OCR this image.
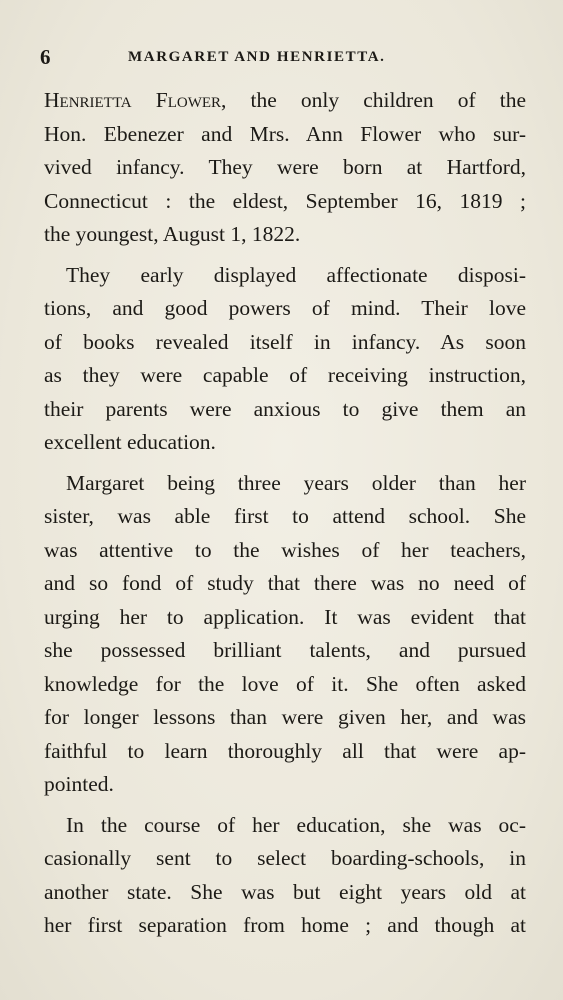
6	MARGARET AND HENRIETTA.
Henrietta Flower, the only children of the
Hon. Ebenezer and Mrs. Ann Flower who sur-
vived infancy. They were born at Hartford,
Connecticut : the eldest, September 16, 1819 ;
the youngest, August 1, 1822.
They early displayed affectionate disposi-
tions, and good powers of mind. Their love
of books revealed itself in infancy. As soon
as they were capable of receiving instruction,
their parents were anxious to give them an
excellent education.
Margaret being three years older than her
sister, was able first to attend school. She
was attentive to the wishes of her teachers,
and so fond of study that there was no need of
urging her to application. It was evident that
she possessed brilliant talents, and pursued
knowledge for the love of it. She often asked
for longer lessons than were given her, and was
faithful to learn thoroughly all that were ap-
pointed.
In the course of her education, she was oc-
casionally sent to select boarding-schools, in
another state. She was but eight years old at
her first separation from home ; and though at
